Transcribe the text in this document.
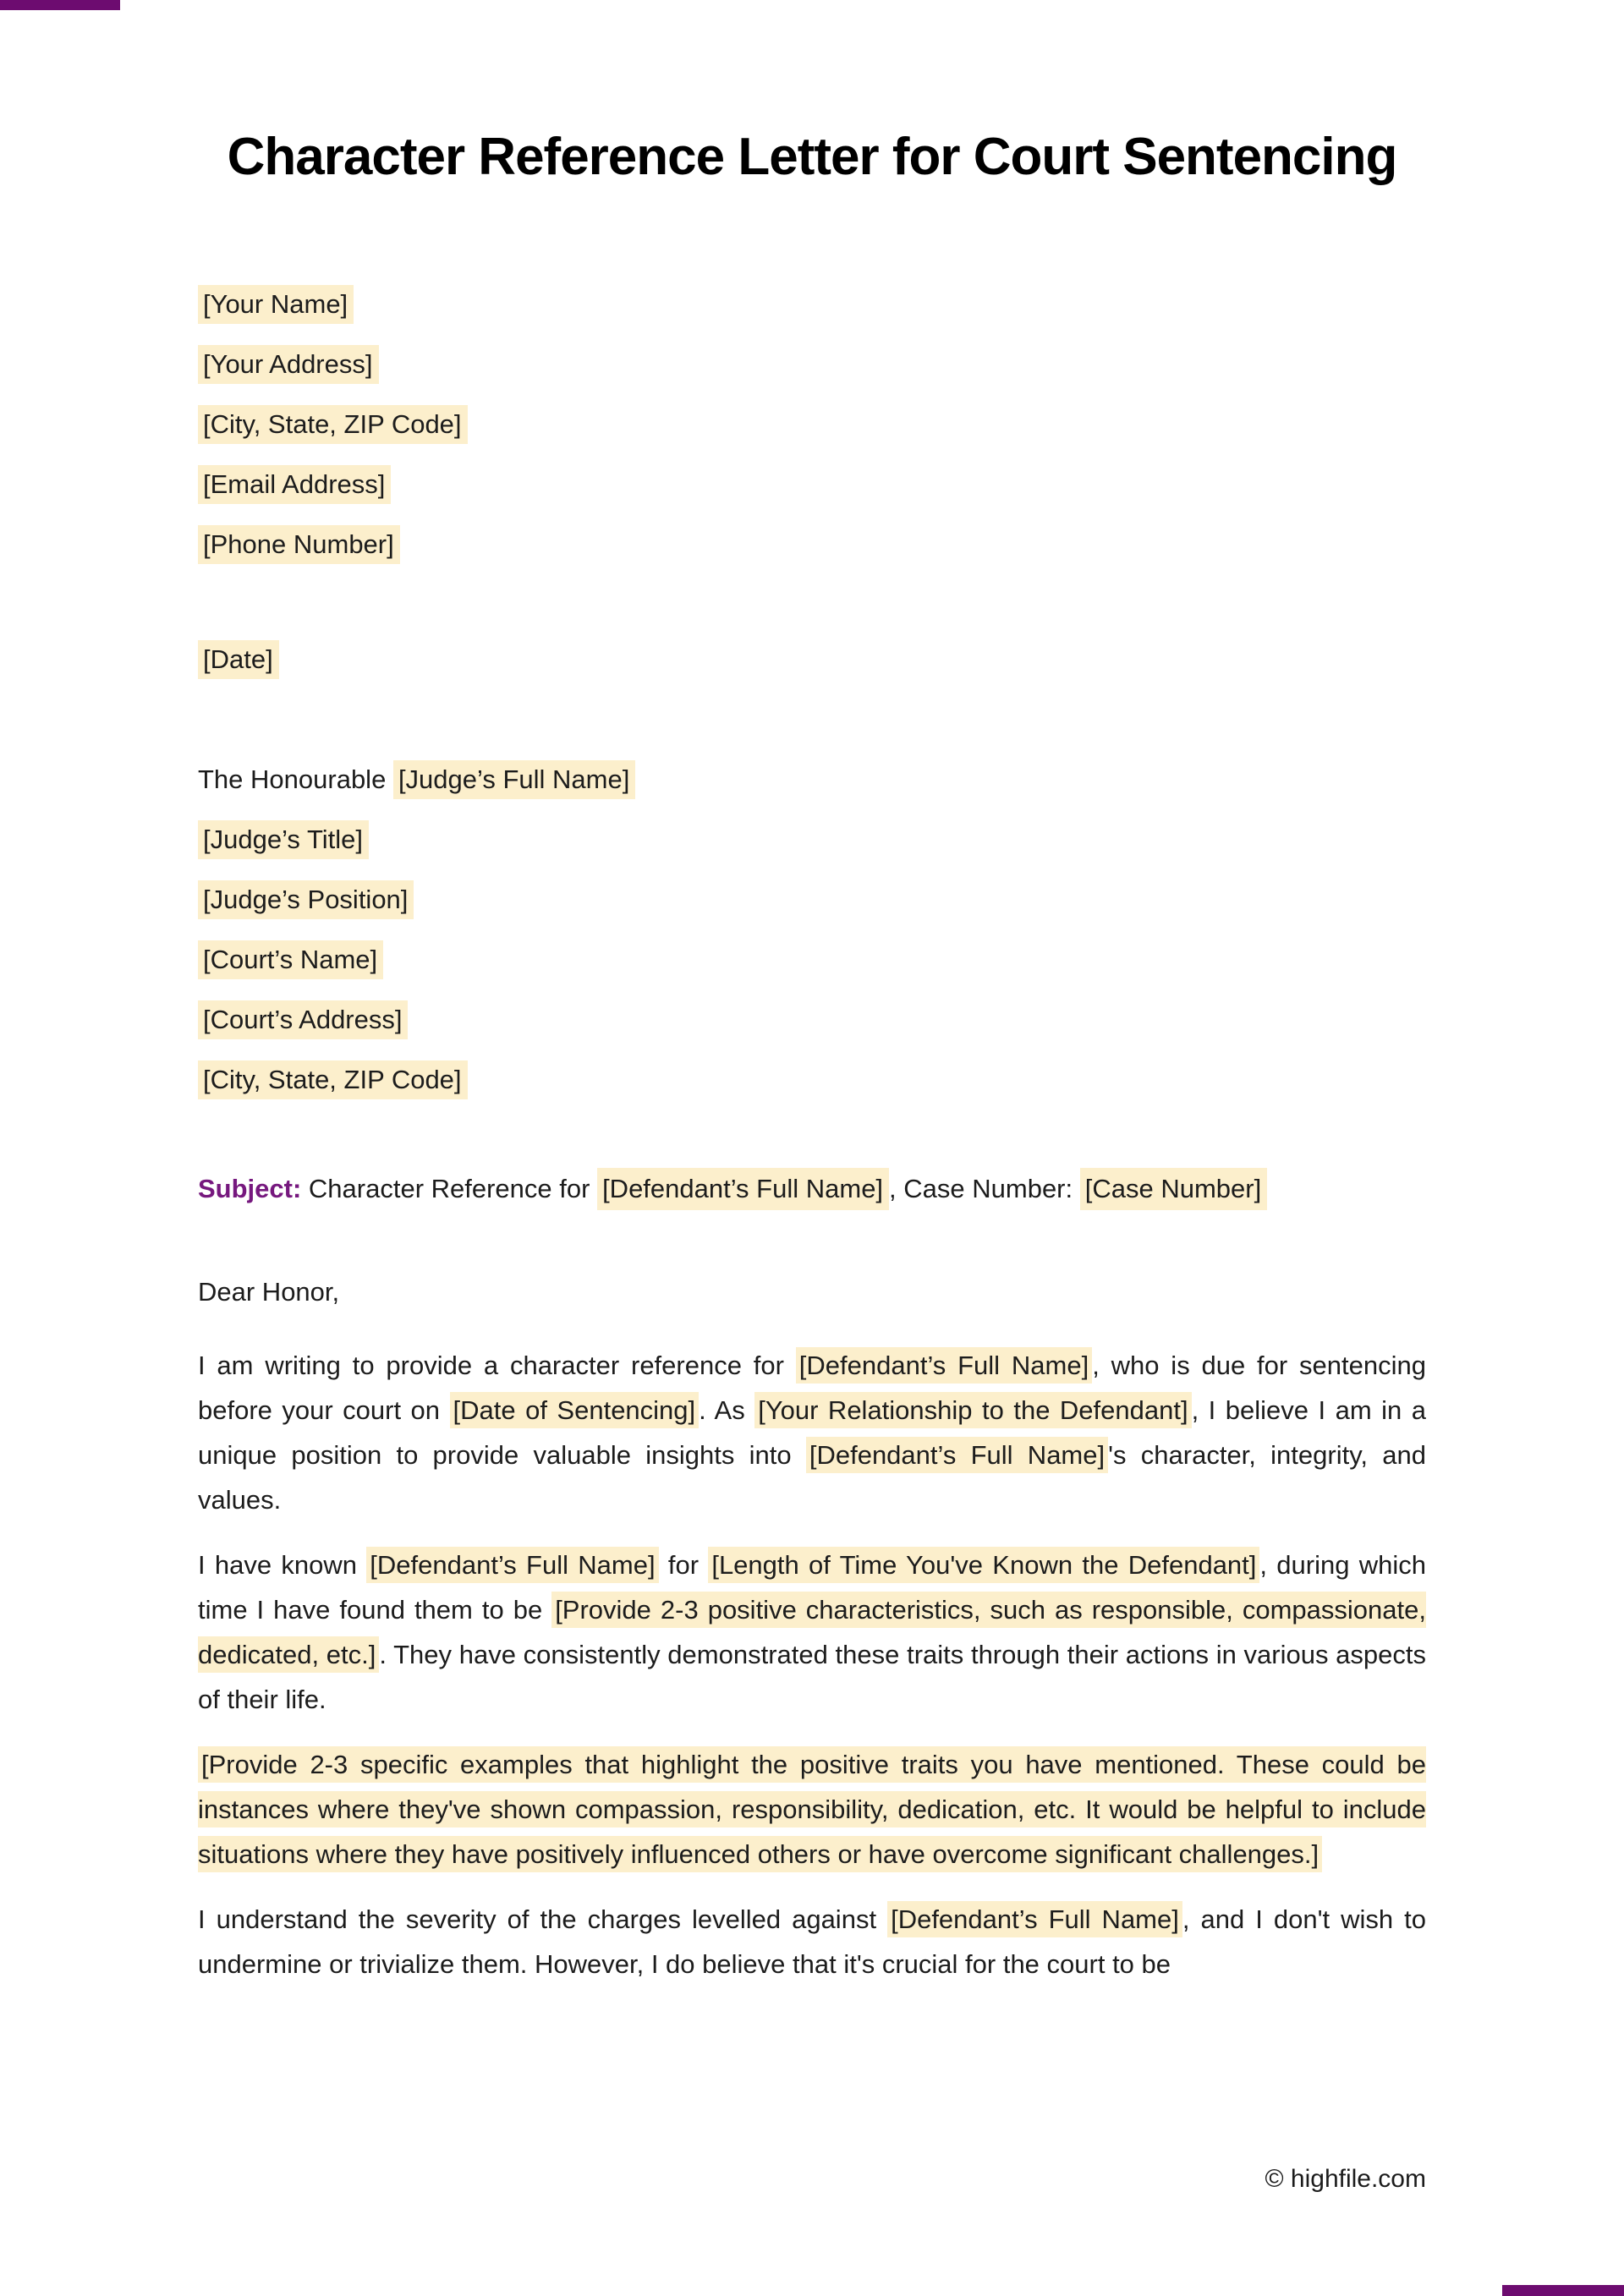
Character Reference Letter for Court Sentencing
[Your Name]
[Your Address]
[City, State, ZIP Code]
[Email Address]
[Phone Number]
[Date]
The Honourable [Judge’s Full Name]
[Judge’s Title]
[Judge’s Position]
[Court’s Name]
[Court’s Address]
[City, State, ZIP Code]
Subject: Character Reference for [Defendant’s Full Name] , Case Number: [Case Number]

Dear Honor,

I am writing to provide a character reference for [Defendant’s Full Name] , who is due for sentencing before your court on [Date of Sentencing] . As [Your Relationship to the Defendant] , I believe I am in a unique position to provide valuable insights into [Defendant’s Full Name] 's character, integrity, and values.

I have known [Defendant’s Full Name] for [Length of Time You've Known the Defendant] , during which time I have found them to be [Provide 2-3 positive characteristics, such as responsible, compassionate, dedicated, etc.] . They have consistently demonstrated these traits through their actions in various aspects of their life.

[Provide 2-3 specific examples that highlight the positive traits you have mentioned. These could be instances where they've shown compassion, responsibility, dedication, etc. It would be helpful to include situations where they have positively influenced others or have overcome significant challenges.]

I understand the severity of the charges levelled against [Defendant’s Full Name] , and I don't wish to undermine or trivialize them. However, I do believe that it's crucial for the court to be

© highfile.com
